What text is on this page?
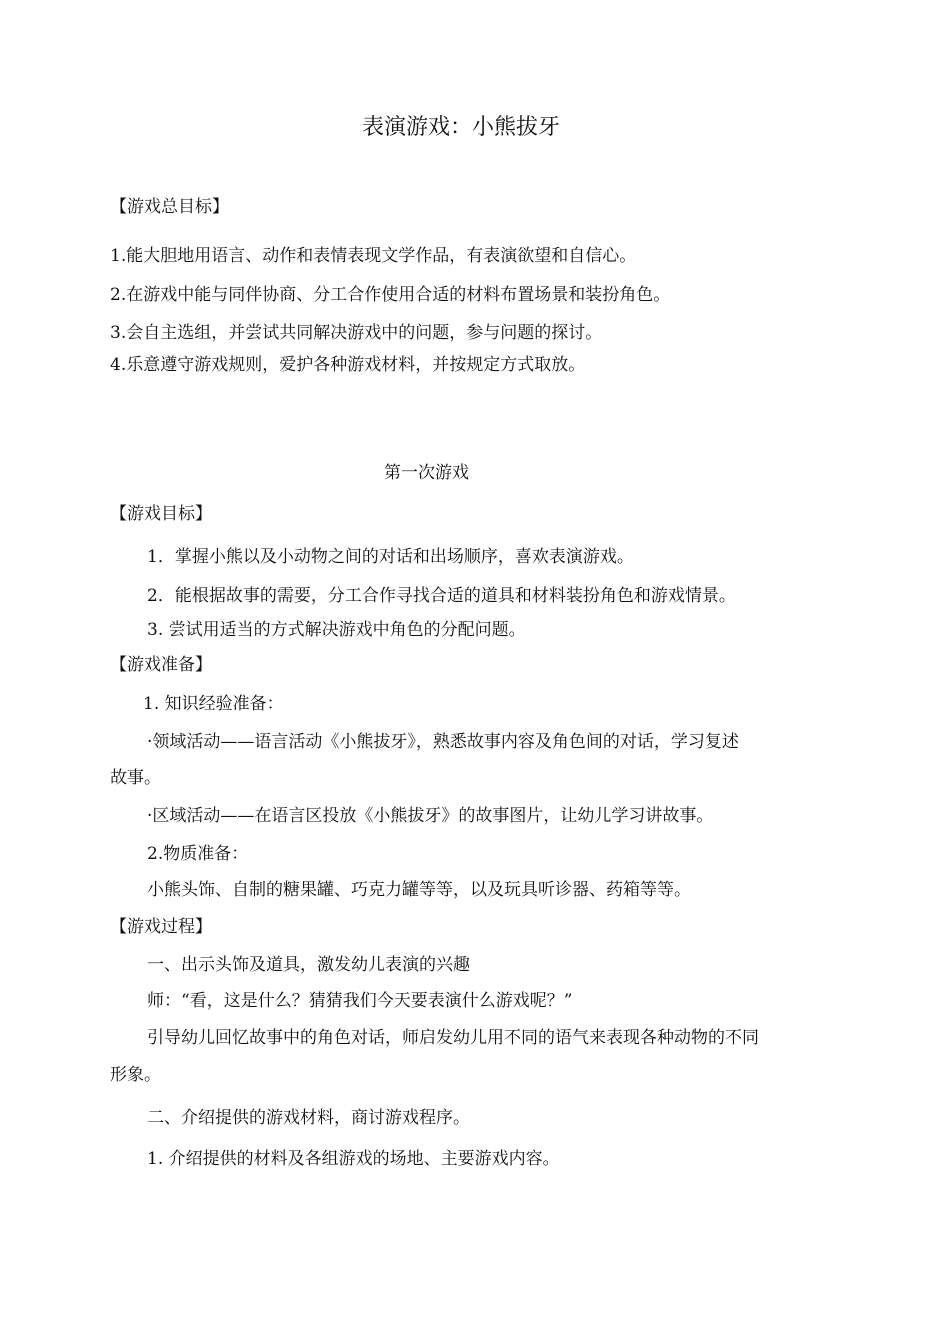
表演游戏：小熊拔牙

【游戏总目标】

1.能大胆地用语言、动作和表情表现文学作品，有表演欲望和自信心。

2.在游戏中能与同伴协商、分工合作使用合适的材料布置场景和装扮角色。

3.会自主选组，并尝试共同解决游戏中的问题，参与问题的探讨。

4.乐意遵守游戏规则，爱护各种游戏材料，并按规定方式取放。

第一次游戏

【游戏目标】

1．掌握小熊以及小动物之间的对话和出场顺序，喜欢表演游戏。

2．能根据故事的需要，分工合作寻找合适的道具和材料装扮角色和游戏情景。

3. 尝试用适当的方式解决游戏中角色的分配问题。

【游戏准备】

1. 知识经验准备：

·领域活动——语言活动《小熊拔牙》，熟悉故事内容及角色间的对话，学习复述

故事。

·区域活动——在语言区投放《小熊拔牙》的故事图片，让幼儿学习讲故事。

2.物质准备：

小熊头饰、自制的糖果罐、巧克力罐等等，以及玩具听诊器、药箱等等。

【游戏过程】

一、出示头饰及道具，激发幼儿表演的兴趣

师：“看，这是什么？猜猜我们今天要表演什么游戏呢？”

引导幼儿回忆故事中的角色对话，师启发幼儿用不同的语气来表现各种动物的不同

形象。

二、介绍提供的游戏材料，商讨游戏程序。

1. 介绍提供的材料及各组游戏的场地、主要游戏内容。
